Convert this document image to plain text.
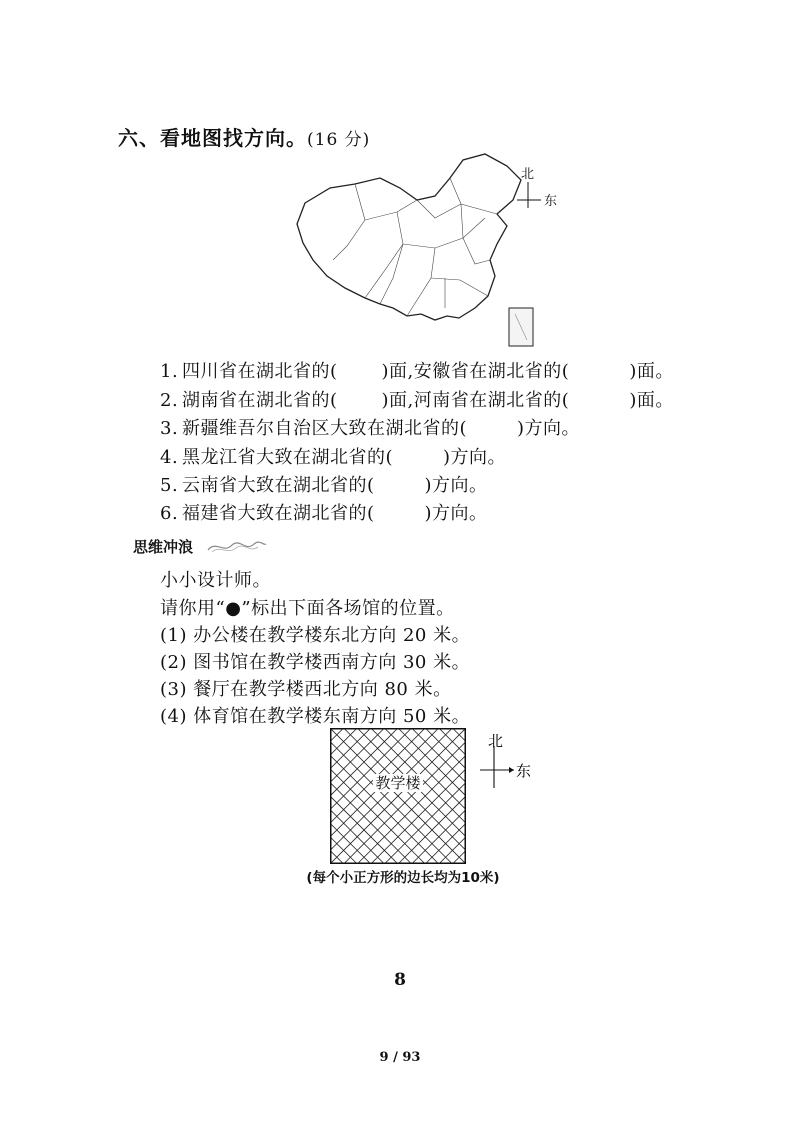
六、看地图找方向。(16 分)
北
东
1. 四川省在湖北省的( )面,安徽省在湖北省的(	)面。
2. 湖南省在湖北省的( )面,河南省在湖北省的(	)面。
3. 新疆维吾尔自治区大致在湖北省的(	)方向。
4. 黑龙江省大致在湖北省的(	)方向。
5. 云南省大致在湖北省的(	)方向。
6. 福建省大致在湖北省的(	)方向。
思维冲浪
小小设计师。
请你用“●”标出下面各场馆的位置。
(1) 办公楼在教学楼东北方向 20 米。
(2) 图书馆在教学楼西南方向 30 米。
(3) 餐厅在教学楼西北方向 80 米。
(4) 体育馆在教学楼东南方向 50 米。
教学楼
北
东
(每个小正方形的边长均为10米)
8
9 / 93
